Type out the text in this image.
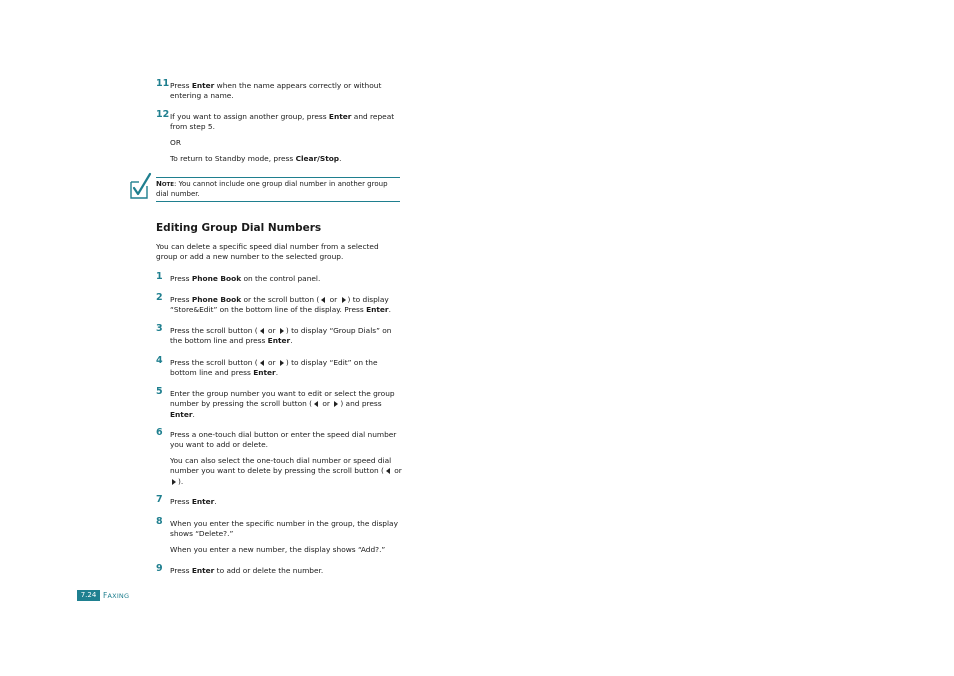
11 Press Enter when the name appears correctly or without entering a name.
12 If you want to assign another group, press Enter and repeat from step 5.
OR
To return to Standby mode, press Clear/Stop.
NOTE: You cannot include one group dial number in another group dial number.
Editing Group Dial Numbers
You can delete a specific speed dial number from a selected group or add a new number to the selected group.
1 Press Phone Book on the control panel.
2 Press Phone Book or the scroll button ( or ) to display “Store&Edit” on the bottom line of the display. Press Enter.
3 Press the scroll button ( or ) to display “Group Dials” on the bottom line and press Enter.
4 Press the scroll button ( or ) to display “Edit” on the bottom line and press Enter.
5 Enter the group number you want to edit or select the group number by pressing the scroll button ( or ) and press Enter.
6 Press a one-touch dial button or enter the speed dial number you want to add or delete.
You can also select the one-touch dial number or speed dial number you want to delete by pressing the scroll button ( or ).
7 Press Enter.
8 When you enter the specific number in the group, the display shows “Delete?.”
When you enter a new number, the display shows “Add?.”
9 Press Enter to add or delete the number.
7.24 FAXING
